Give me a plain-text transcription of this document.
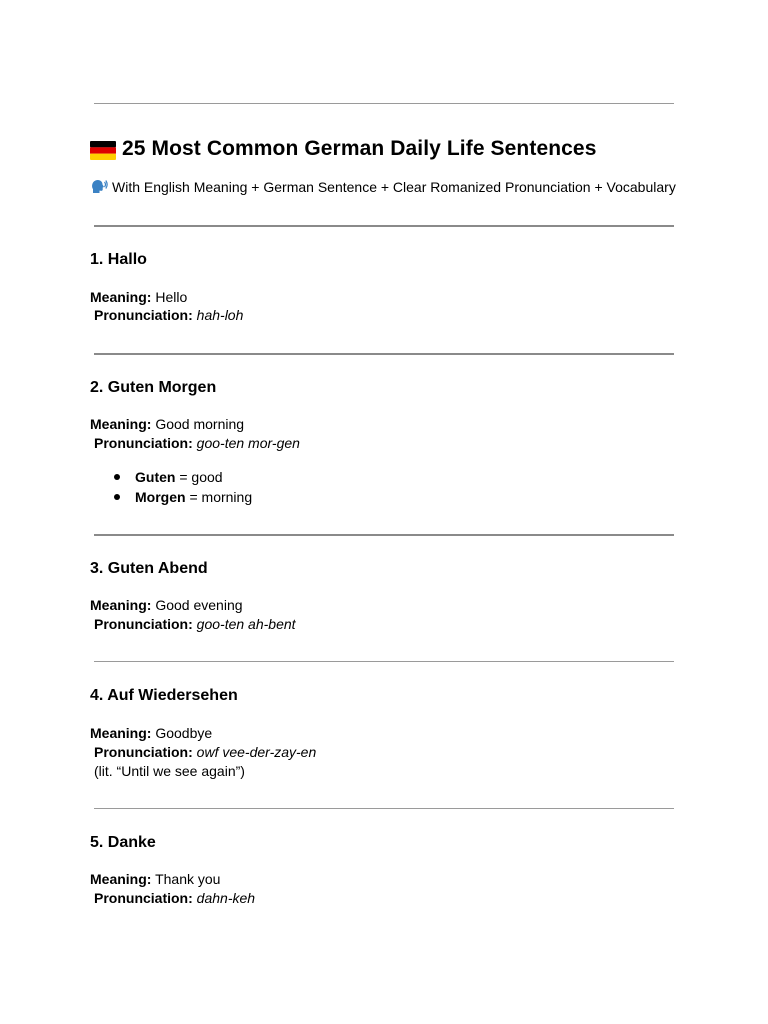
25 Most Common German Daily Life Sentences
With English Meaning + German Sentence + Clear Romanized Pronunciation + Vocabulary
1. Hallo
Meaning: Hello
Pronunciation: hah-loh
2. Guten Morgen
Meaning: Good morning
Pronunciation: goo-ten mor-gen
Guten = good
Morgen = morning
3. Guten Abend
Meaning: Good evening
Pronunciation: goo-ten ah-bent
4. Auf Wiedersehen
Meaning: Goodbye
Pronunciation: owf vee-der-zay-en
(lit. “Until we see again”)
5. Danke
Meaning: Thank you
Pronunciation: dahn-keh
